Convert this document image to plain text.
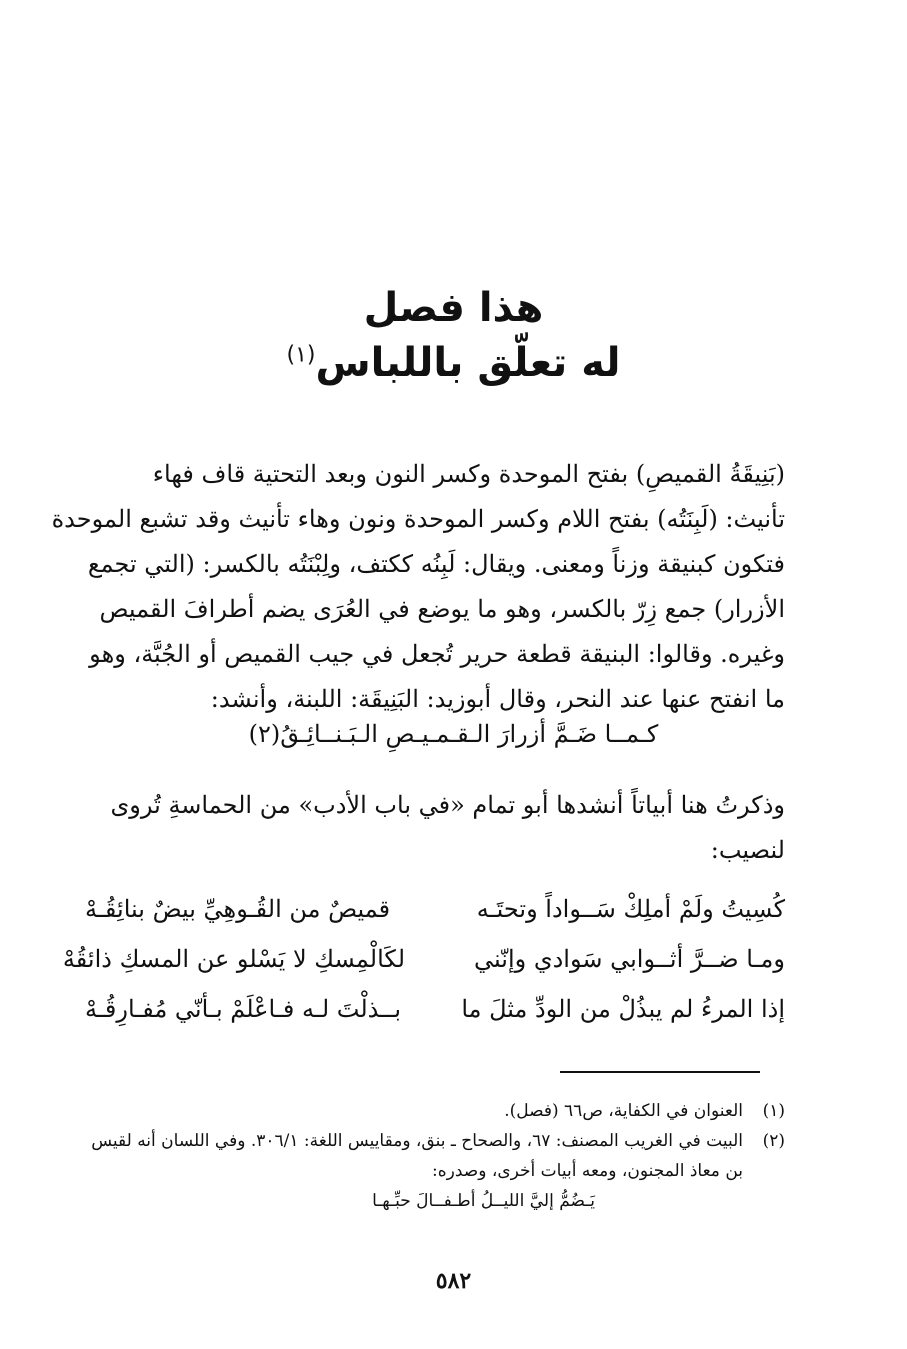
هذا فصل
له تعلّق باللباس$^{(١)}$
(بَنِيقَةُ القميصِ) بفتح الموحدة وكسر النون وبعد التحتية قاف فهاء
تأنيث: (لَبِنَتُه) بفتح اللام وكسر الموحدة ونون وهاء تأنيث وقد تشبع الموحدة
فتكون كبنيقة وزناً ومعنى. ويقال: لَبِنُه ككتف، ولِبْنَتُه بالكسر: (التي تجمع
الأزرار) جمع زِرّ بالكسر، وهو ما يوضع في العُرَى يضم أطرافَ القميص
وغيره. وقالوا: البنيقة قطعة حرير تُجعل في جيب القميص أو الجُبَّة، وهو
ما انفتح عنها عند النحر، وقال أبوزيد: البَنِيقَة: اللبنة، وأنشد:
كـمــا ضَـمَّ أزرارَ الـقـمـيـصِ الـبَـنــائِـقُ(٢)
وذكرتُ هنا أبياتاً أنشدها أبو تمام «في باب الأدب» من الحماسةِ تُروى
لنصيب:
كُسِيتُ ولَمْ أملِكْ سَــواداً وتحتَـه
قميصٌ من القُـوهِيِّ بيضٌ بنائِقُـهْ
ومـا ضــرَّ أثــوابي سَوادي وإنّني
لكَالْمِسكِ لا يَسْلو عن المسكِ ذائقُهْ
إذا المرءُ لم يبذُلْ من الودِّ مثلَ ما
بــذلْتَ لـه فـاعْلَمْ بـأنّي مُفـارِقُـهْ
(١)
العنوان في الكفاية، ص٦٦ (فصل).
(٢)
البيت في الغريب المصنف: ٦٧، والصحاح ـ بنق، ومقاييس اللغة: ٣٠٦/١. وفي اللسان أنه لقيس بن معاذ المجنون، ومعه أبيات أخرى، وصدره:
يَـضُمُّ إليَّ الليــلُ أطـفــالَ حبِّـهـا
٥٨٢
